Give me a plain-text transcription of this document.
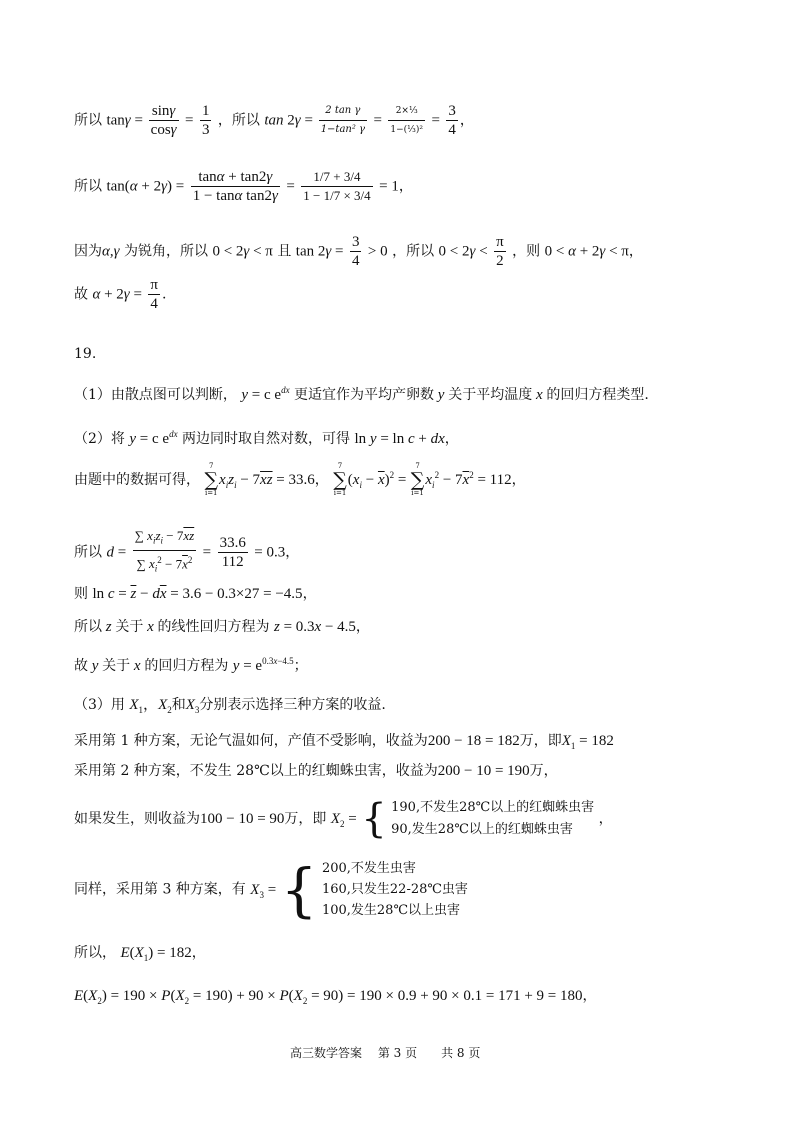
所以 $\tan\gamma = \frac{\sin\gamma}{\cos\gamma} = \frac{1}{3}$ ，所以 $\tan 2\gamma = \frac{\text{2 tan γ}}{\text{1−tan² γ}} = \frac{\text{2×⅓}}{\text{1−(⅓)²}} = \frac{3}{4}$ ，
所以 $\tan(\alpha + 2\gamma) = \frac{\tan\alpha + \tan 2\gamma}{\text{1 − tanα tan2γ}} = \frac{1/7 + 3/4}{1 - 1/7 \times 3/4} = 1$，
因为α,γ 为锐角，所以 0 < 2γ < π 且 $\tan 2\gamma = \frac{3}{4} > 0$ ，所以 $0 < 2\gamma < \frac{\pi}{2}$ ，则 0 < α + 2γ < π，
故 $\alpha + 2\gamma = \frac{\pi}{4}$ .
19.
（1）由散点图可以判断， y = c $e^{dx}$ 更适宜作为平均产卵数 y 关于平均温度 x 的回归方程类型.
（2）将 y = c $e^{dx}$ 两边同时取自然对数，可得 ln y = ln c + dx，
由题中的数据可得，
7
∑
i=1
$x_iz_i - 7\overline{xz} = 33.6$，
7
∑
i=1
$(x_i - \overline{x})^2$ =
7
∑
i=1
$x_i^2 - 7\overline{x}^2 = 112$，
所以 $d = \frac{\sum x_iz_i - 7\overline{xz}}{\sum x_i^2 - 7\overline{x}^2} = \frac{33.6}{112} = 0.3$，
则 $\ln c = \overline{z} - d\overline{x} = 3.6 - 0.3\times 27 = -4.5$，
所以 z 关于 x 的线性回归方程为 z = 0.3x − 4.5，
故 y 关于 x 的回归方程为 $y = e^{0.3x-4.5}$；
（3）用 $X_1$，$X_2$和$X_3$分别表示选择三种方案的收益.
采用第 1 种方案，无论气温如何，产值不受影响，收益为200 − 18 = 182万，即$X_1 = 182$
采用第 2 种方案，不发生 28℃以上的红蜘蛛虫害，收益为200 − 10 = 190万，
如果发生，则收益为100 − 10 = 90万，即 $X_2$ = { 190,不发生28℃以上的红蜘蛛虫害
90,发生28℃以上的红蜘蛛虫害
，
同样，采用第 3 种方案，有 $X_3$ = { 200,不发生虫害
160,只发生22-28℃虫害
100,发生28℃以上虫害
所以， $E(X_1) = 182$，
$E(X_2) = 190 \times P(X_2 = 190) + 90 \times P(X_2 = 90) = 190 \times 0.9 + 90 \times 0.1 = 171 + 9 = 180$，
高三数学答案　 第 3 页　　共 8 页
